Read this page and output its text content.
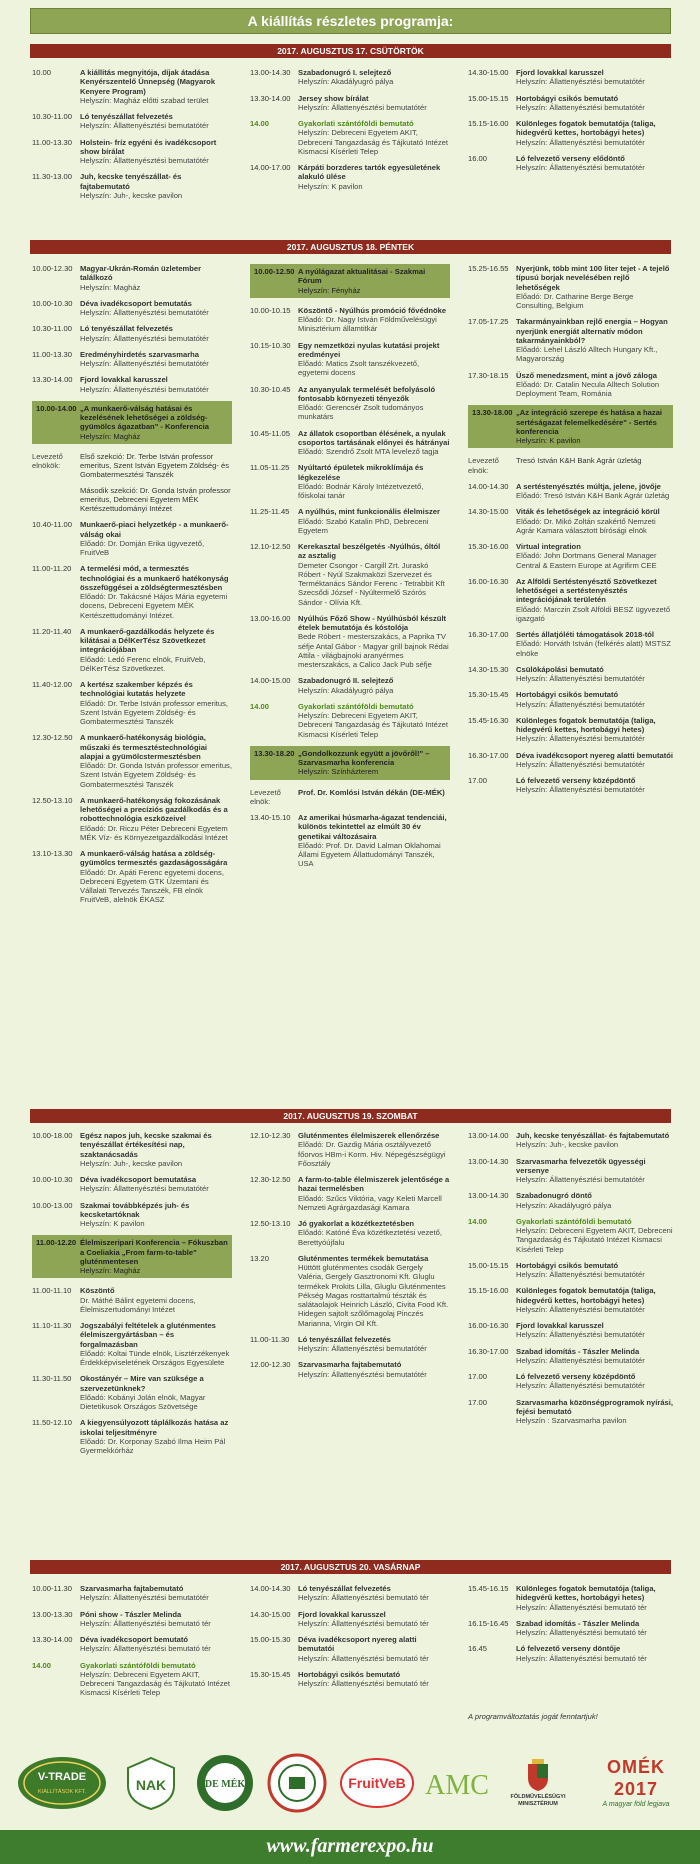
A kiállítás részletes programja:
2017. AUGUSZTUS 17. CSÜTÖRTÖK
2017. AUGUSZTUS 18. PÉNTEK
2017. AUGUSZTUS 19. SZOMBAT
2017. AUGUSZTUS 20. VASÁRNAP
10.00	A kiállítás megnyitója, díjak átadása Kenyérszentelő Ünnepség (Magyarok Kenyere Program)
Helyszín: Magház előtti szabad terület
10.30-11.00	Ló tenyészállat felvezetés
Helyszín: Állattenyésztési bemutatótér
11.00-13.30	Holstein- fríz egyéni és ivadékcsoport show bírálat
Helyszín: Állattenyésztési bemutatótér
11.30-13.00	Juh, kecske tenyészállat- és fajtabemutató
Helyszín: Juh-, kecske pavilon
13.00-14.30 Szabadonugró I. selejtező
Helyszín: Akadályugró pálya
13.30-14.00 Jersey show bírálat
Helyszín: Állattenyésztési bemutatótér
14.00	Gyakorlati szántóföldi bemutató
Helyszín: Debreceni Egyetem AKIT, Debreceni Tangazdaság és Tájkutató Intézet Kismacsi Kísérleti Telep
14.00-17.00 Kárpáti borzderes tartók egyesületének alakuló ülése
Helyszín: K pavilon
14.30-15.00 Fjord lovakkal karusszel
Helyszín: Állattenyésztési bemutatótér
15.00-15.15 Hortobágyi csikós bemutató
Helyszín: Állattenyésztési bemutatótér
15.15-16.00 Különleges fogatok bemutatója (taliga, hidegvérű kettes, hortobágyi hetes)
Helyszín: Állattenyésztési bemutatótér
16.00	Ló felvezető verseny elődöntő
Helyszín: Állattenyésztési bemutatótér
10.00-12.30 Magyar-Ukrán-Román üzletember találkozó
Helyszín: Magház
10.00-10.30 Déva ivadékcsoport bemutatás
Helyszín: Állattenyésztési bemutatótér
10.30-11.00	Ló tenyészállat felvezetés
Helyszín: Állattenyésztési bemutatótér
11.00-13.30	Eredményhirdetés szarvasmarha
Helyszín: Állattenyésztési bemutatótér
13.30-14.00 Fjord lovakkal karusszel
Helyszín: Állattenyésztési bemutatótér
10.00-14.00 „A munkaerő-válság hatásai és kezelésének lehetőségei a zöldség-gyümölcs ágazatban" - Konferencia
Helyszín: Magház
Levezető elnökök:
Első szekció: Dr. Terbe István professor emeritus, Szent István Egyetem Zöldség- és Gombatermesztési Tanszék
Második szekció: Dr. Gonda István professor emeritus, Debreceni Egyetem MÉK Kertészettudományi Intézet
10.40-11.00	Munkaerő-piaci helyzetkép - a munkaerő-válság okai
Előadó: Dr. Domján Erika ügyvezető, FruitVeB
11.00-11.20	A termelési mód, a termesztés technológiai és a munkaerő hatékonyság összefüggései a zöldségtermesztésben
Előadó: Dr. Takácsné Hájos Mária egyetemi docens, Debreceni Egyetem MÉK Kertészettudományi Intézet.
11.20-11.40	A munkaerő-gazdálkodás helyzete és kilátásai a DélKerTész Szövetkezet integrációjában
Előadó: Ledó Ferenc elnök, FruitVeb, DélKerTész Szövetkezet.
11.40-12.00	A kertész szakember képzés és technológiai kutatás helyzete
Előadó: Dr. Terbe István professor emeritus, Szent István Egyetem Zöldség- és Gombatermesztési Tanszék
12.30-12.50 A munkaerő-hatékonyság biológia, műszaki és termesztéstechnológiai alapjai a gyümölcstermesztésben
Előadó: Dr. Gonda István professor emeritus, Szent István Egyetem Zöldség- és Gombatermesztési Tanszék
12.50-13.10 A munkaerő-hatékonyság fokozásának lehetőségei a precíziós gazdálkodás és a robottechnológia eszközeivel
Előadó: Dr. Riczu Péter Debreceni Egyetem MÉK Víz- és Környezetgazdálkodási Intézet
13.10-13.30 A munkaerő-válság hatása a zöldség-gyümölcs termesztés gazdaságosságára
Előadó: Dr. Apáti Ferenc egyetemi docens, Debreceni Egyetem GTK Üzemtani és Vállalati Tervezés Tanszék, FB elnök FruitVeB, alelnök ÉKASZ
10.00-12.50 A nyúlágazat aktualitásai - Szakmai Fórum
Helyszín: Fényház
10.00-10.15 Köszöntő - Nyúlhús promóció fővédnöke
Előadó: Dr. Nagy István Földművelésügyi Minisztérium államtitkár
10.15-10.30 Egy nemzetközi nyulas kutatási projekt eredményei
Előadó: Matics Zsolt tanszékvezető, egyetemi docens
10.30-10.45 Az anyanyulak termelését befolyásoló fontosabb környezeti tényezők
Előadó: Gerencsér Zsolt tudományos munkatárs
10.45-11.05	Az állatok csoportban élésének, a nyulak csoportos tartásának előnyei és hátrányai
Előadó: Szendrő Zsolt MTA levelező tagja
11.05-11.25	Nyúltartó épületek mikroklímája és légkezelése
Előadó: Bodnár Károly Intézetvezető, főiskolai tanár
11.25-11.45	A nyúlhús, mint funkcionális élelmiszer
Előadó: Szabó Katalin PhD, Debreceni Egyetem
12.10-12.50 Kerekasztal beszélgetés -Nyúlhús, óltól az asztalig
Demeter Csongor - Cargill Zrt. Juraskó Róbert - Nyúl Szakmaközi Szervezet és Terméktanács Sándor Ferenc - Tetrabbit Kft Szecsődi József - Nyúltermelő Szórós Sándor - Olívia Kft.
13.00-16.00 Nyúlhús Főző Show - Nyúlhúsból készült ételek bemutatója és kóstolója
Bede Róbert - mesterszakács, a Paprika TV séfje Antal Gábor - Magyar grill bajnok Rédai Attila - világbajnoki aranyérmes mesterszakács, a Calico Jack Pub séfje
14.00-15.00 Szabadonugró II. selejtező
Helyszín: Akadályugró pálya
14.00	Gyakorlati szántóföldi bemutató
Helyszín: Debreceni Egyetem AKIT, Debreceni Tangazdaság és Tájkutató Intézet Kismacsi Kísérleti Telep
13.30-18.20 „Gondolkozzunk együtt a jövőről!" – Szarvasmarha konferencia
Helyszín: Színházterem
Levezető elnök:
Prof. Dr. Komlósi István dékán (DE-MÉK)
13.40-15.10 Az amerikai húsmarha-ágazat tendenciái, különös tekintettel az elmúlt 30 év genetikai változásaira
Előadó: Prof. Dr. David Lalman Oklahomai Állami Egyetem Állattudományi Tanszék, USA
15.25-16.55 Nyerjünk, több mint 100 liter tejet - A tejelő típusú borjak nevelésében rejlő lehetőségek
Előadó: Dr. Catharine Berge Berge Consulting, Belgium
17.05-17.25 Takarmányainkban rejlő energia – Hogyan nyerjünk energiát alternatív módon takarmányainkból?
Előadó: Lehel László Alltech Hungary Kft., Magyarország
17.30-18.15 Üsző menedzsment, mint a jövő záloga
Előadó: Dr. Catalin Necula Alltech Solution Deployment Team, Románia
13.30-18.00 „Az integráció szerepe és hatása a hazai sertéságazat felemelkedésére" - Sertés konferencia
Helyszín: K pavilon
Levezető elnök:
Tresó István K&H Bank Agrár üzletág
14.00-14.30 A sertéstenyésztés múltja, jelene, jövője
Előadó: Tresó István K&H Bank Agrár üzletág
14.30-15.00 Viták és lehetőségek az integráció körül
Előadó: Dr. Mikó Zoltán szakértő Nemzeti Agrár Kamara választott bírósági elnök
15.30-16.00 Virtual integration
Előadó: John Dortmans General Manager Central & Eastern Europe at Agrifirm CEE
16.00-16.30 Az Alföldi Sertéstenyésztő Szövetkezet lehetőségei a sertéstenyésztés integrációjának területén
Előadó: Marczin Zsolt Alföldi BESZ ügyvezető igazgató
16.30-17.00 Sertés állatjóléti támogatások 2018-tól
Előadó: Horváth István (felkérés alatt) MSTSZ elnöke
14.30-15.30 Csülökápolási bemutató
Helyszín: Állattenyésztési bemutatótér
15.30-15.45 Hortobágyi csikós bemutató
Helyszín: Állattenyésztési bemutatótér
15.45-16.30 Különleges fogatok bemutatója (taliga, hidegvérű kettes, hortobágyi hetes)
Helyszín: Állattenyésztési bemutatótér
16.30-17.00 Déva ivadékcsoport nyereg alatti bemutatói
Helyszín: Állattenyésztési bemutatótér
17.00	Ló felvezető verseny középdöntő
Helyszín: Állattenyésztési bemutatótér
10.00-18.00 Egész napos juh, kecske szakmai és tenyészállat értékesítési nap, szaktanácsadás
Helyszín: Juh-, kecske pavilon
10.00-10.30 Déva ivadékcsoport bemutatása
Helyszín: Állattenyésztési bemutatótér
10.00-13.00 Szakmai továbbképzés juh- és kecsketartóknak
Helyszín: K pavilon
11.00-12.20 Élelmiszeripari Konferencia – Fókuszban a Coeliakia „From farm-to-table" gluténmentesen
Helyszín: Magház
11.00-11.10	Köszöntő
Dr. Máthé Bálint egyetemi docens, Élelmiszertudományi Intézet
11.10-11.30	Jogszabályi feltételek a gluténmentes élelmiszergyártásban – és forgalmazásban
Előadó: Koltai Tünde elnök, Lisztérzékenyek Érdekképviseletének Országos Egyesülete
11.30-11.50	Okostányér – Mire van szüksége a szervezetünknek?
Előadó: Kobányi Jolán elnök, Magyar Dietetikusok Országos Szövetsége
11.50-12.10	A kiegyensúlyozott táplálkozás hatása az iskolai teljesítményre
Előadó: Dr. Korponay Szabó Ilma Heim Pál Gyermekkórház
12.10-12.30 Gluténmentes élelmiszerek ellenőrzése
Előadó: Dr. Gazdig Mária osztályvezető főorvos HBm-i Korm. Hiv. Népegészségügyi Főosztály
12.30-12.50 A farm-to-table élelmiszerek jelentősége a hazai termelésben
Előadó: Szűcs Viktória, vagy Keleti Marcell Nemzeti Agrárgazdasági Kamara
12.50-13.10 Jó gyakorlat a közétkeztetésben
Előadó: Katóné Éva közétkeztetési vezető, Berettyóújfalu
13.20	Gluténmentes termékek bemutatása
Hüttött gluténmentes csodák Gergely Valéria, Gergely Gasztronomi Kft. Gluglu termékek Prokits Lilla, Gluglu Gluténmentes Pékség Magas rosttartalmú tészták és salátaolajok Heinrich László, Civita Food Kft. Hidegen sajtolt szőlőmagolaj Pinczés Marianna, Virgin Oil Kft.
11.00-11.30	Ló tenyészállat felvezetés
Helyszín: Állattenyésztési bemutatótér
12.00-12.30 Szarvasmarha fajtabemutató
Helyszín: Állattenyésztési bemutatótér
13.00-14.00 Juh, kecske tenyészállat- és fajtabemutató
Helyszín: Juh-, kecske pavilon
13.00-14.30 Szarvasmarha felvezetők ügyességi versenye
Helyszín: Állattenyésztési bemutatótér
13.00-14.30 Szabadonugró döntő
Helyszín: Akadályugró pálya
14.00	Gyakorlati szántóföldi bemutató
Helyszín: Debreceni Egyetem AKIT, Debreceni Tangazdaság és Tájkutató Intézet Kismacsi Kísérleti Telep
15.00-15.15 Hortobágyi csikós bemutató
Helyszín: Állattenyésztési bemutatótér
15.15-16.00 Különleges fogatok bemutatója (taliga, hidegvérű kettes, hortobágyi hetes)
Helyszín: Állattenyésztési bemutatótér
16.00-16.30 Fjord lovakkal karusszel
Helyszín: Állattenyésztési bemutatótér
16.30-17.00 Szabad idomítás - Tászler Melinda
Helyszín: Állattenyésztési bemutatótér
17.00	Ló felvezető verseny középdöntő
Helyszín: Állattenyésztési bemutatótér
17.00	Szarvasmarha közönségprogramok nyírási, fejési bemutató
Helyszín : Szarvasmarha pavilon
10.00-11.30	Szarvasmarha fajtabemutató
Helyszín: Állattenyésztési bemutatótér
13.00-13.30 Póni show - Tászler Melinda
Helyszín: Állattenyésztési bemutató tér
13.30-14.00 Déva ivadékcsoport bemutató
Helyszín: Állattenyésztési bemutató tér
14.00	Gyakorlati szántóföldi bemutató
Helyszín: Debreceni Egyetem AKIT, Debreceni Tangazdaság és Tájkutató Intézet Kismacsi Kísérleti Telep
14.00-14.30 Ló tenyészállat felvezetés
Helyszín: Állattenyésztési bemutató tér
14.30-15.00 Fjord lovakkal karusszel
Helyszín: Állattenyésztési bemutató tér
15.00-15.30 Déva ivadékcsoport nyereg alatti bemutatói
Helyszín: Állattenyésztési bemutató tér
15.30-15.45 Hortobágyi csikós bemutató
Helyszín: Állattenyésztési bemutató tér
15.45-16.15 Különleges fogatok bemutatója (taliga, hidegvérű kettes, hortobágyi hetes)
Helyszín: Állattenyésztési bemutató tér
16.15-16.45 Szabad idomítás - Tászler Melinda
Helyszín: Állattenyésztési bemutató tér
16.45	Ló felvezető verseny döntője
Helyszín: Állattenyésztési bemutató tér
A programváltoztatás jogát fenntartjuk!
V-TRADE
KIÁLLÍTÁSOK KFT.	NAK	DE MÉK	FruitVeB AMC	FÖLDMŰVELÉSÜGYI MINISZTÉRIUM
OMÉK 2017
A magyar föld legjava
www.farmerexpo.hu
